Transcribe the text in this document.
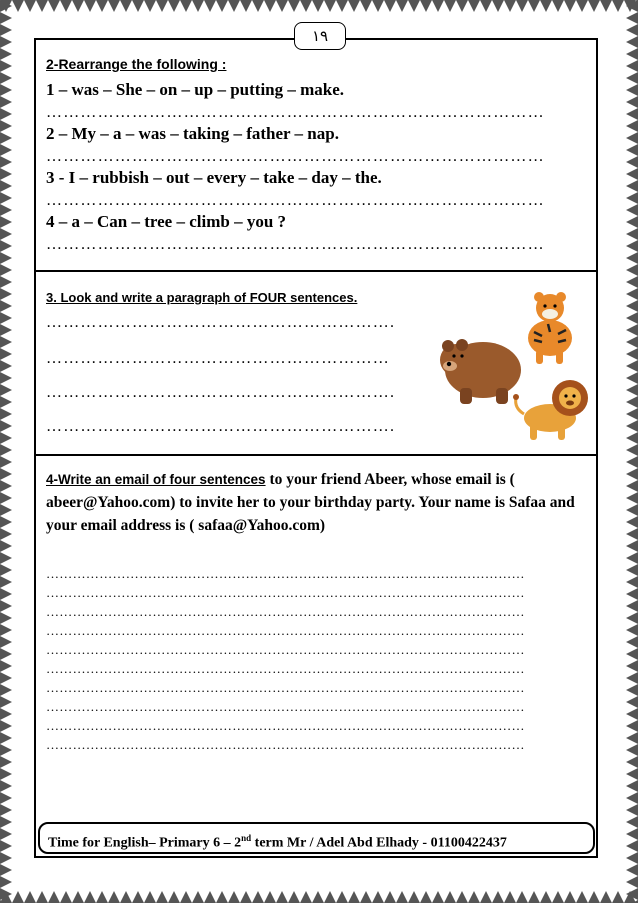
١٩
2-Rearrange the following :
1 – was – She – on – up – putting – make.
……………………………………………………………………………
2 – My – a – was – taking – father – nap.
……………………………………………………………………………
3 - I – rubbish – out – every – take – day – the.
……………………………………………………………………………
4 – a – Can – tree – climb – you ?
……………………………………………………………………………
3. Look and write a paragraph of FOUR sentences.
…………………………………………………….
……………………………………………………
…………………………………………………….
…………………………………………………….
4-Write an email of four sentences to your friend Abeer, whose email is ( abeer@Yahoo.com) to invite her to your birthday party. Your name is Safaa and your email address is ( safaa@Yahoo.com)
………………………………………………………………………………………………
………………………………………………………………………………………………
………………………………………………………………………………………………
………………………………………………………………………………………………
………………………………………………………………………………………………
………………………………………………………………………………………………
………………………………………………………………………………………………
………………………………………………………………………………………………
………………………………………………………………………………………………
………………………………………………………………………………………………
Time for English– Primary 6 – 2nd term Mr / Adel Abd Elhady - 01100422437
